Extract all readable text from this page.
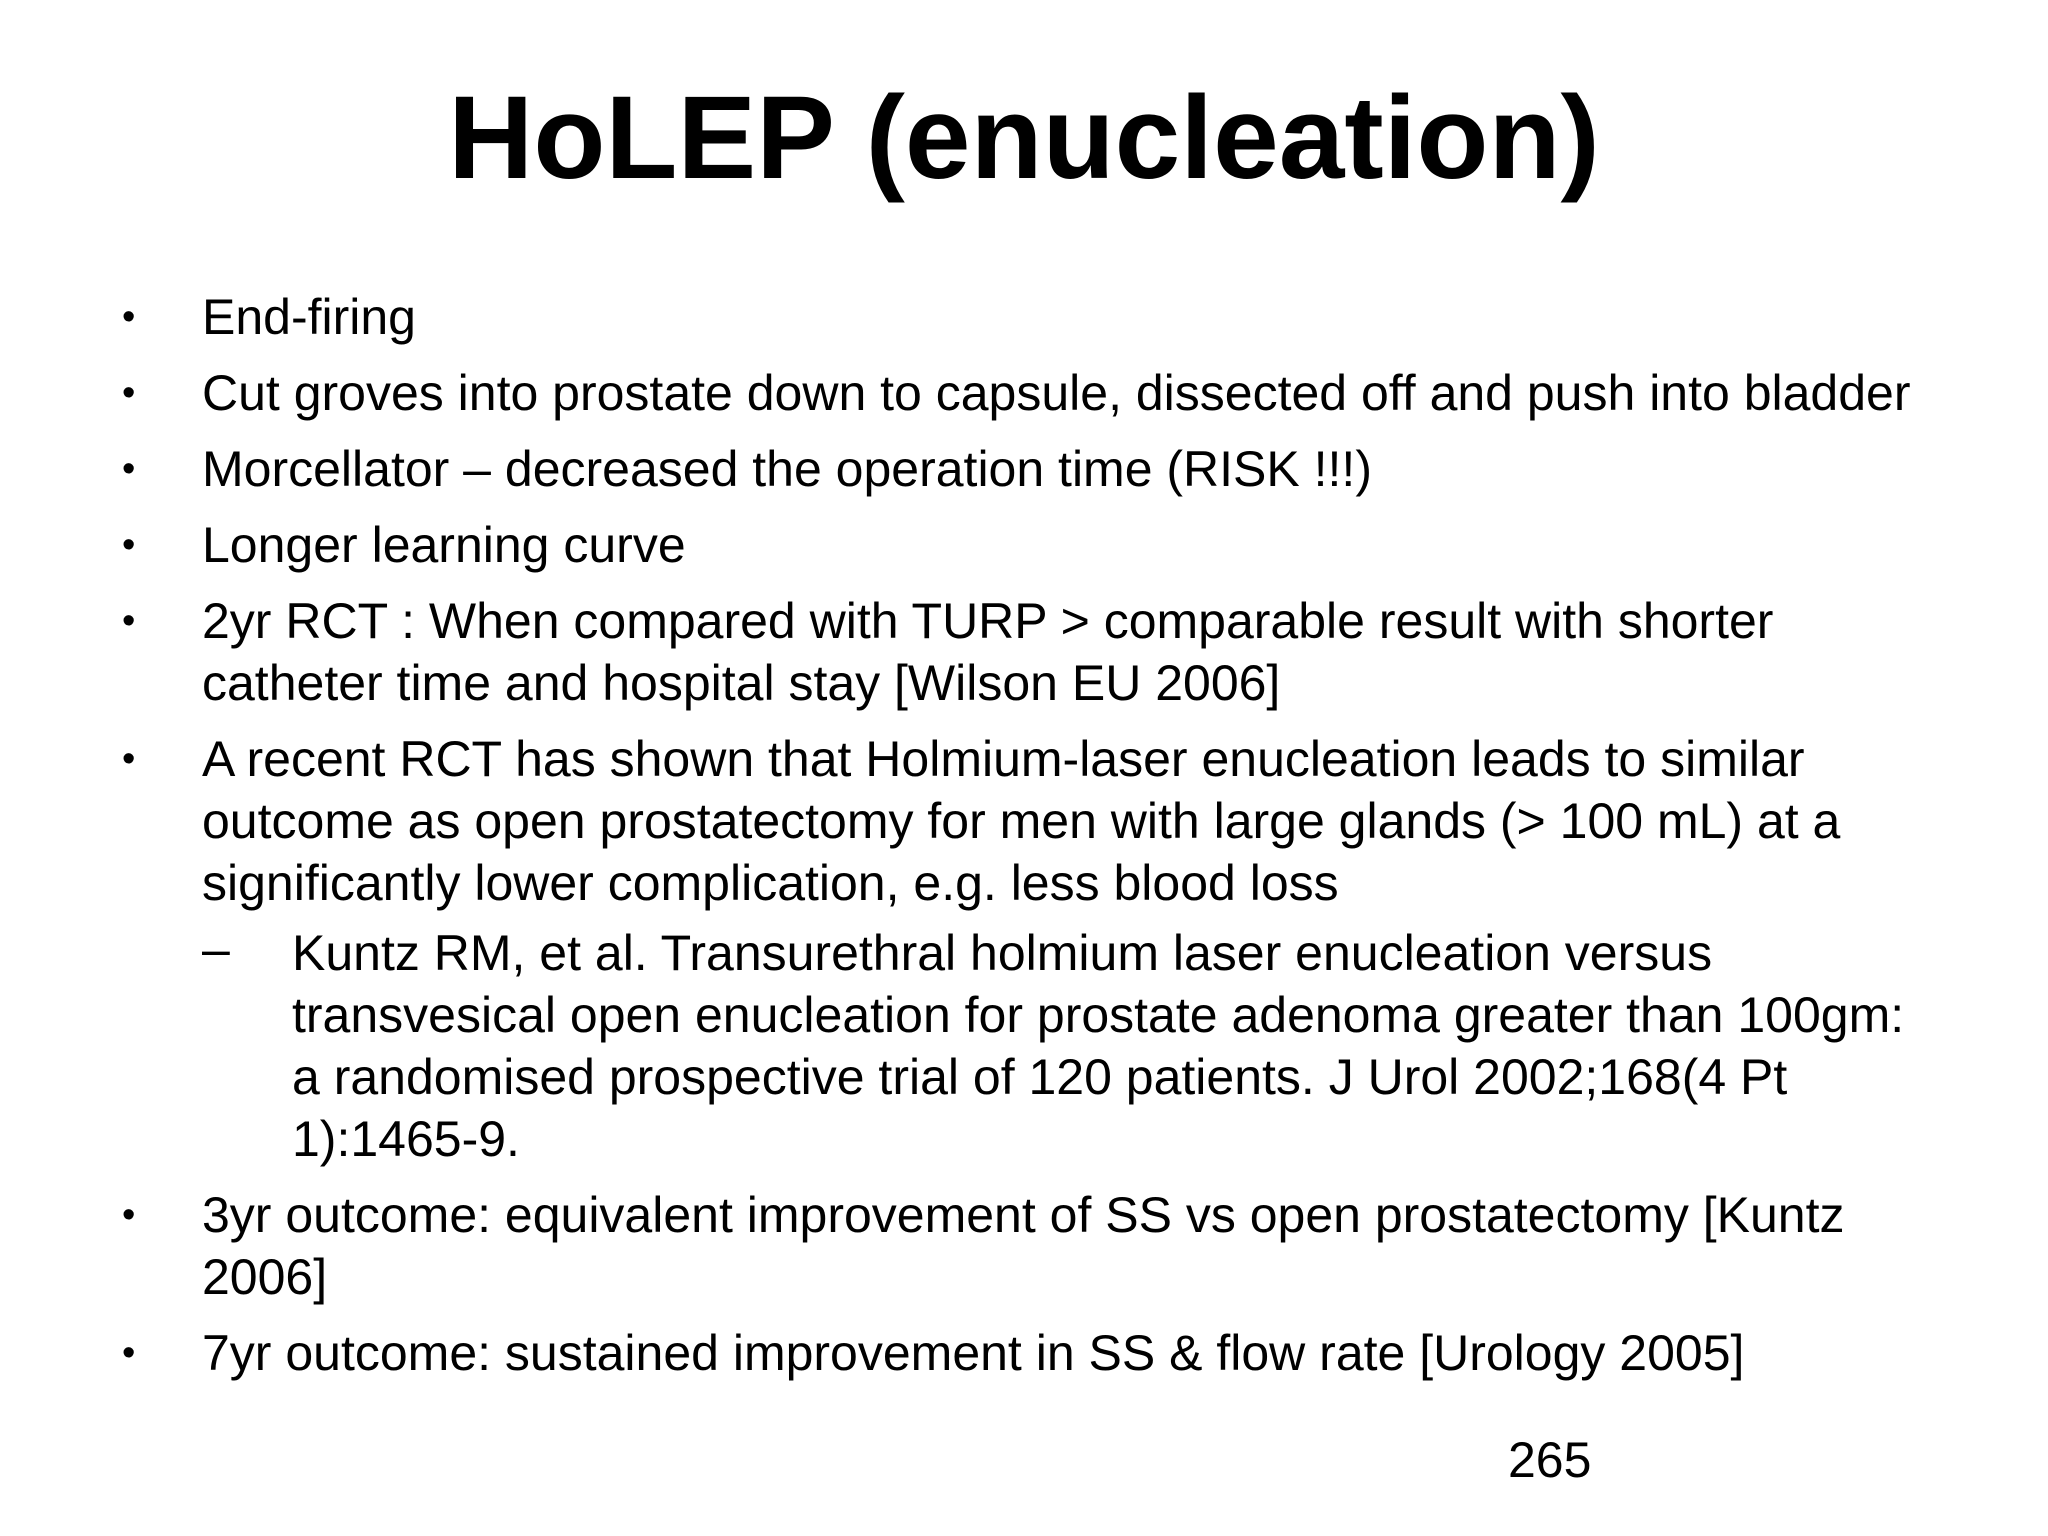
HoLEP (enucleation)
• End-firing
• Cut groves into prostate down to capsule, dissected off and push into bladder
• Morcellator – decreased the operation time (RISK !!!)
• Longer learning curve
• 2yr RCT : When compared with TURP > comparable result with shorter catheter time and hospital stay [Wilson EU 2006]
• A recent RCT has shown that Holmium-laser enucleation leads to similar outcome as open prostatectomy for men with large glands (> 100 mL) at a significantly lower complication, e.g. less blood loss
– Kuntz RM, et al. Transurethral holmium laser enucleation versus transvesical open enucleation for prostate adenoma greater than 100gm: a randomised prospective trial of 120 patients. J Urol 2002;168(4 Pt 1):1465-9.
• 3yr outcome: equivalent improvement of SS vs open prostatectomy [Kuntz 2006]
• 7yr outcome: sustained improvement in SS & flow rate [Urology 2005]
265
